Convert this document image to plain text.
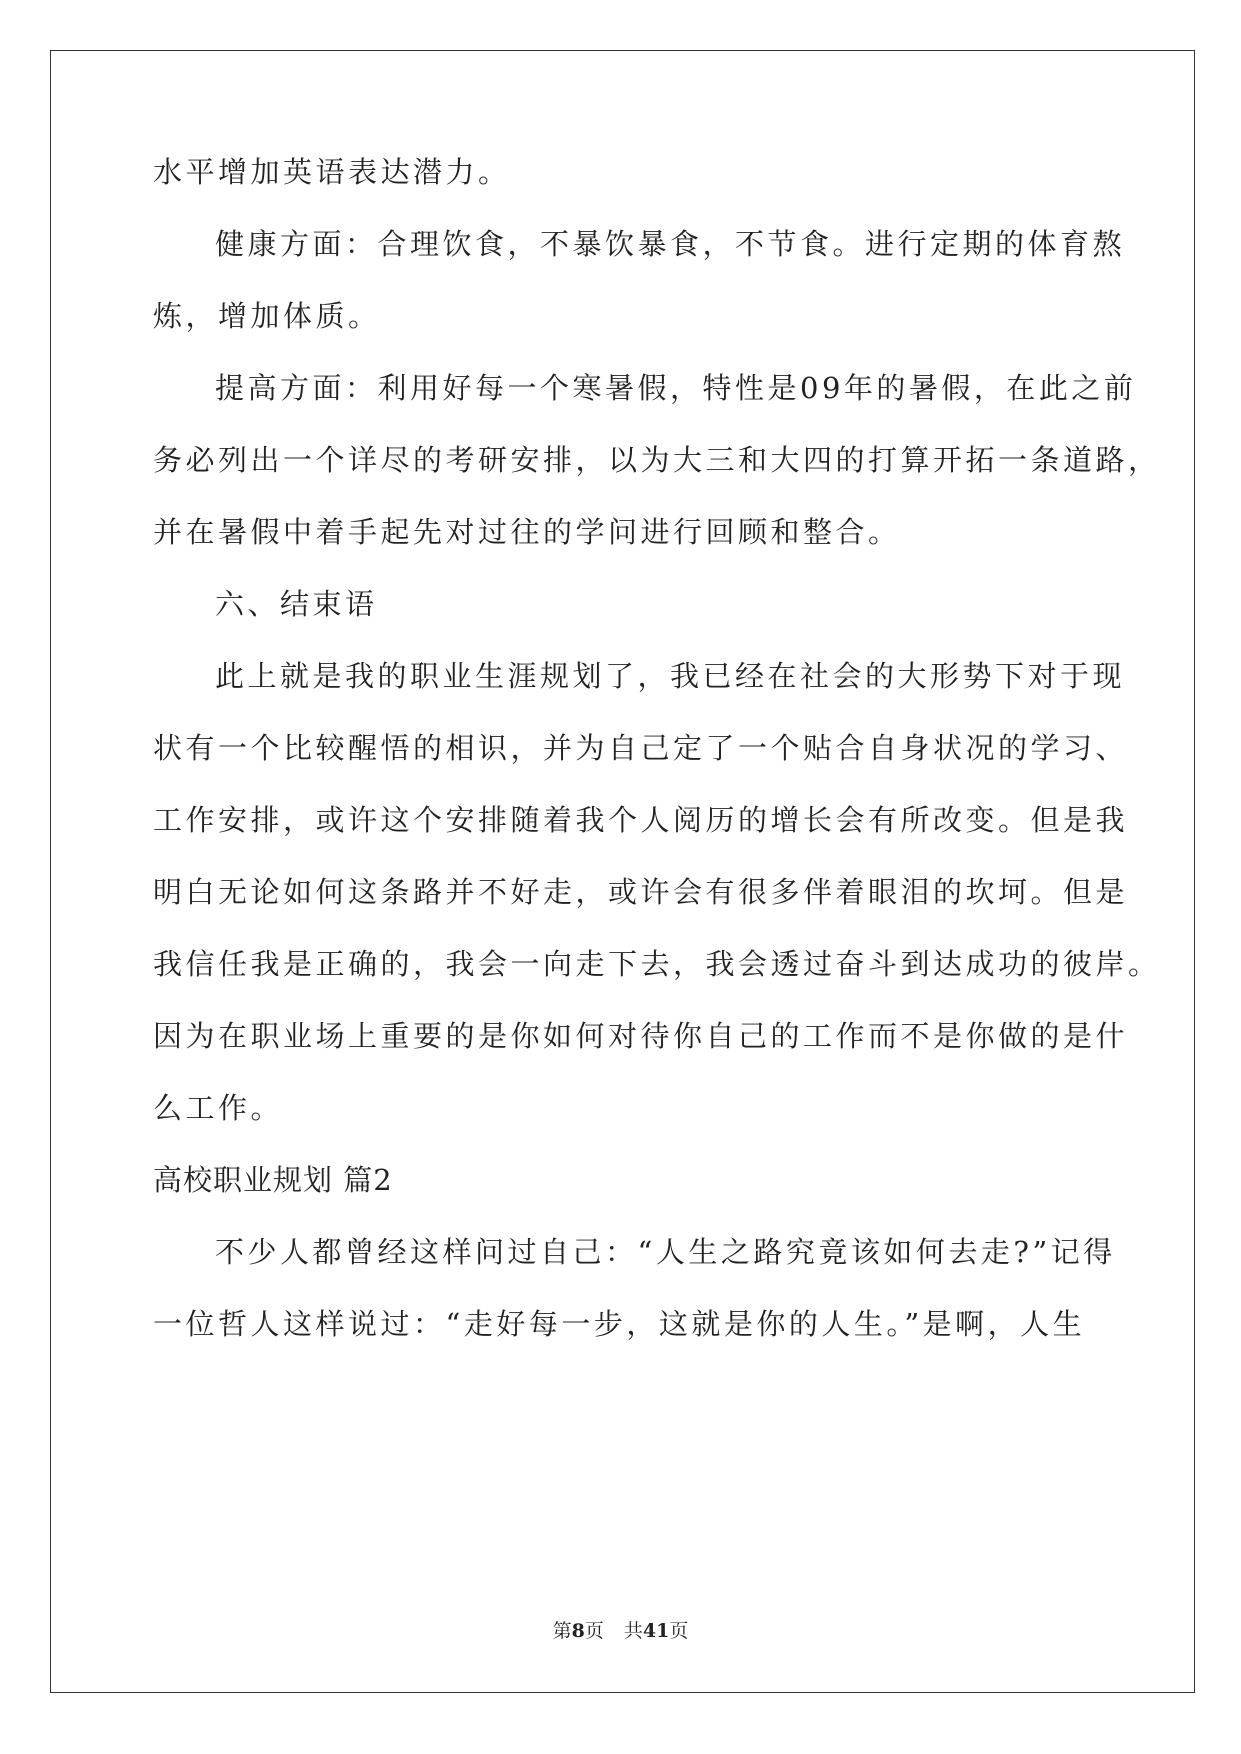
水平增加英语表达潜力。
健康方面：合理饮食，不暴饮暴食，不节食。进行定期的体育熬
炼，增加体质。
提高方面：利用好每一个寒暑假，特性是09年的暑假，在此之前
务必列出一个详尽的考研安排，以为大三和大四的打算开拓一条道路，
并在暑假中着手起先对过往的学问进行回顾和整合。
六、结束语
此上就是我的职业生涯规划了，我已经在社会的大形势下对于现
状有一个比较醒悟的相识，并为自己定了一个贴合自身状况的学习、
工作安排，或许这个安排随着我个人阅历的增长会有所改变。但是我
明白无论如何这条路并不好走，或许会有很多伴着眼泪的坎坷。但是
我信任我是正确的，我会一向走下去，我会透过奋斗到达成功的彼岸。
因为在职业场上重要的是你如何对待你自己的工作而不是你做的是什
么工作。
高校职业规划 篇2
不少人都曾经这样问过自己：“人生之路究竟该如何去走?”记得
一位哲人这样说过：“走好每一步，这就是你的人生。”是啊，人生
第8页 共41页
